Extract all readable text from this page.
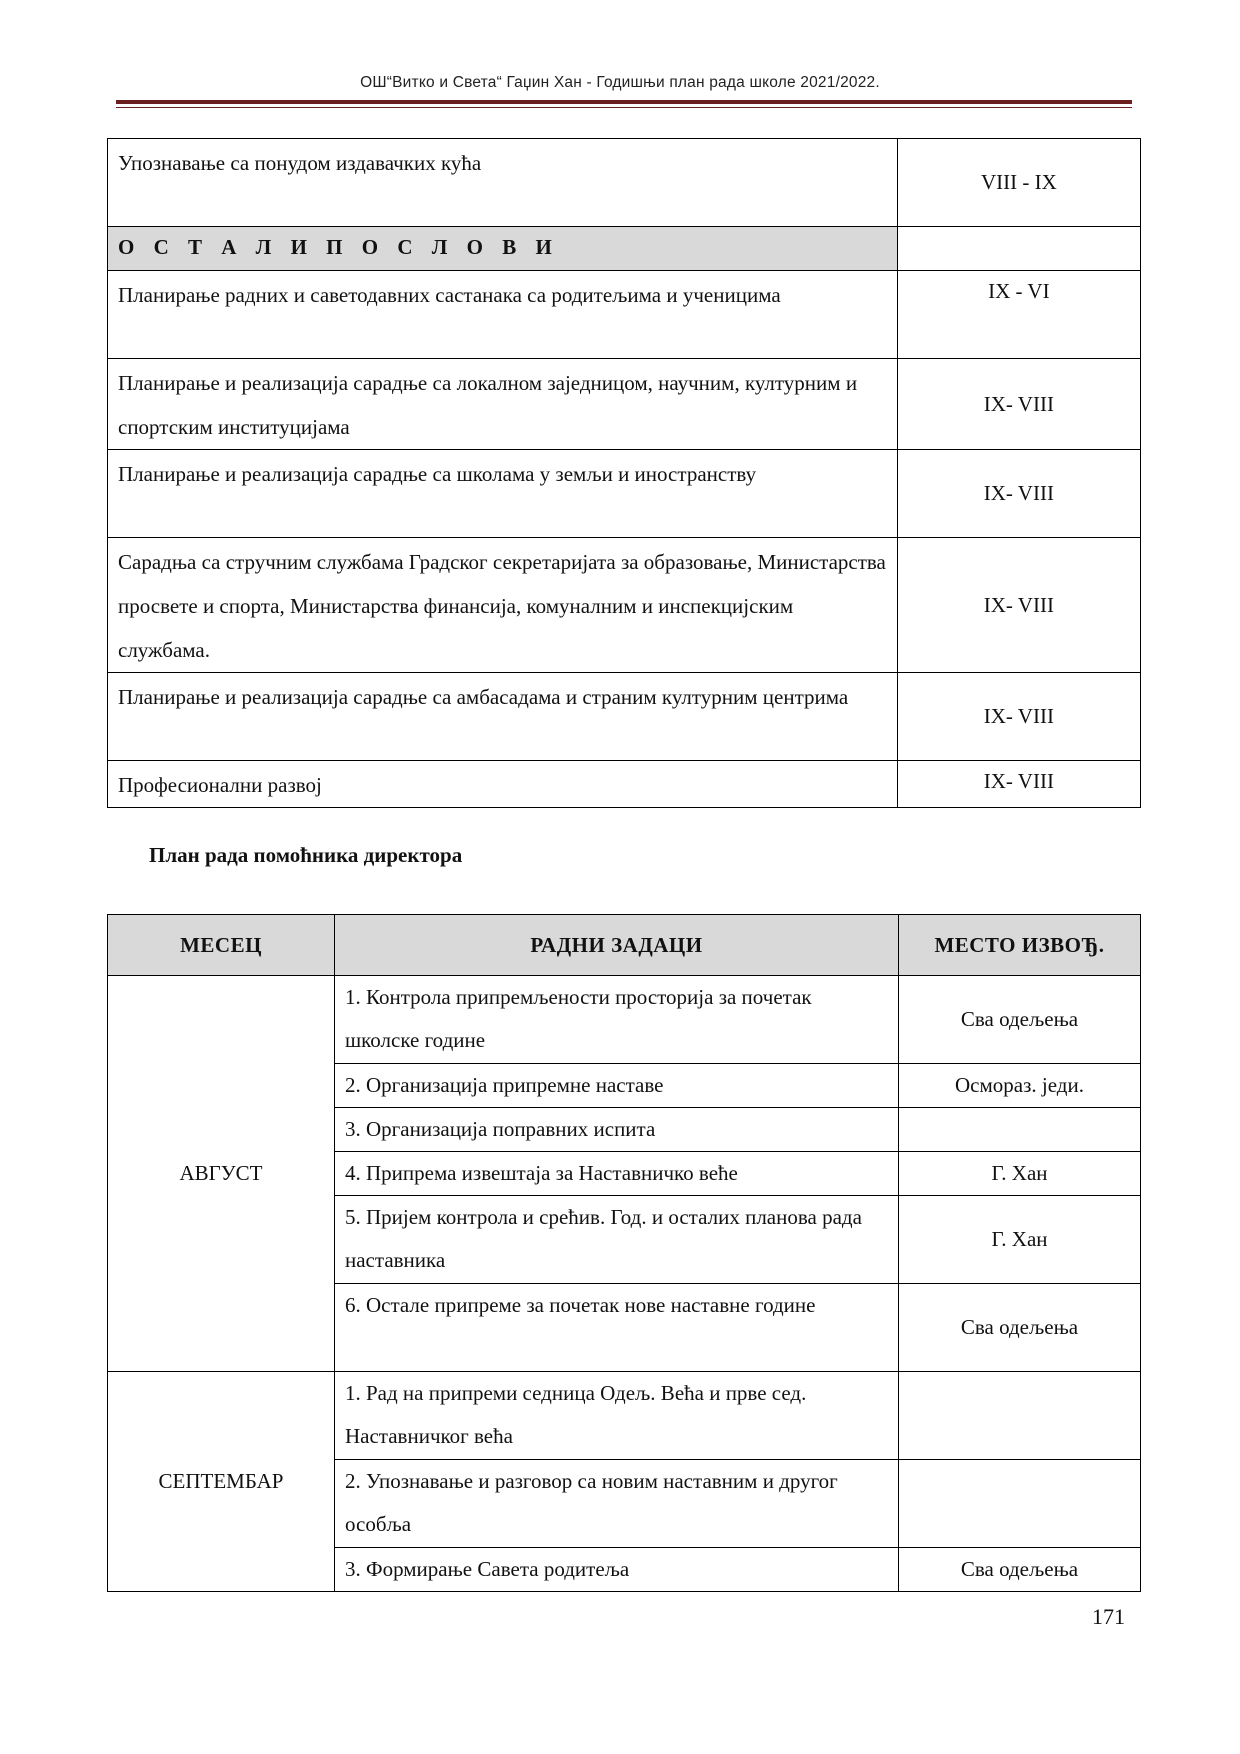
ОШ“Витко и Света“ Гаџин Хан - Годишњи план рада школе 2021/2022.
Упознавање са понудом издавачких кућа	VIII - IX
О С Т А Л И П О С Л О В И	
Планирање радних и саветодавних састанака са родитељима и ученицима	IX - VI
Планирање и реализација сарадње са локалном заједницом, научним, културним и спортским институцијама	IX- VIII
Планирање и реализација сарадње са школама у земљи и иностранству	IX- VIII
Сарадња са стручним службама Градског секретаријата за образовање, Министарства просвете и спорта, Министарства финансија, комуналним и инспекцијским службама.	IX- VIII
Планирање и реализација сарадње са амбасадама и страним културним центрима	IX- VIII
Професионални развој	IX- VIII
План рада помоћника директора
МЕСЕЦ	РАДНИ ЗАДАЦИ	МЕСТО ИЗВОЂ.
АВГУСТ	1. Контрола припремљености просторија за почетак школске године	Сва одељења
	2. Организација припремне наставе	Осмораз. једи.
	3. Организација поправних испита	
	4. Припрема извештаја за Наставничко веће	Г. Хан
	5. Пријем контрола и срећив. Год. и осталих планова рада наставника	Г. Хан
	6. Остале припреме за почетак нове наставне године	Сва одељења
СЕПТЕМБАР	1. Рад на припреми седница Одељ. Већа и прве сед. Наставничког већа	
	2. Упознавање и разговор са новим наставним и другог особља	
	3. Формирање Савета родитеља	Сва одељења
171
